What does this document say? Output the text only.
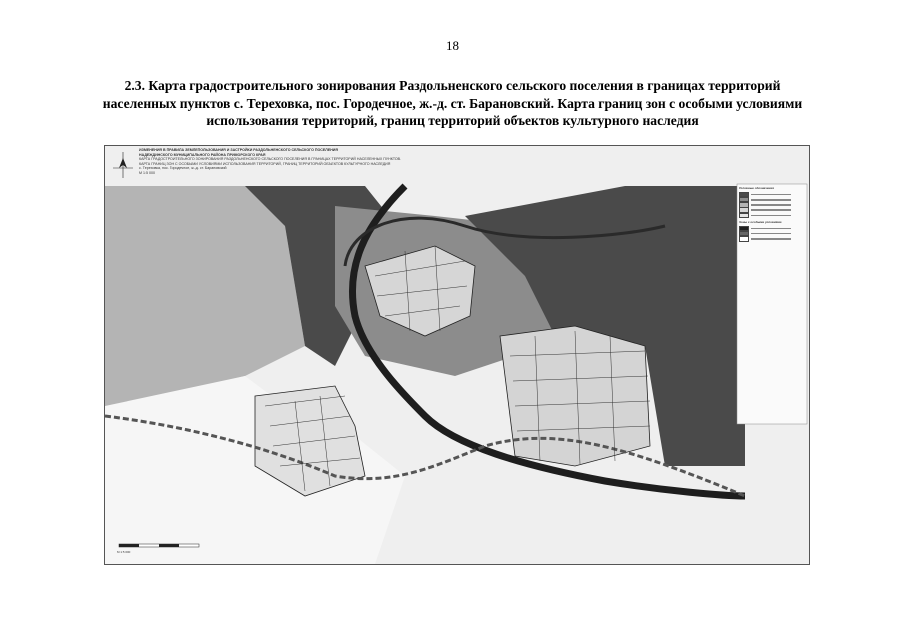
18
2.3. Карта градостроительного зонирования Раздольненского сельского поселения в границах территорий
населенных пунктов с. Тереховка, пос. Городечное, ж.-д. ст. Барановский. Карта границ зон с особыми условиями
использования территорий, границ территорий объектов культурного наследия
ИЗМЕНЕНИЯ В ПРАВИЛА ЗЕМЛЕПОЛЬЗОВАНИЯ И ЗАСТРОЙКИ РАЗДОЛЬНЕНСКОГО СЕЛЬСКОГО ПОСЕЛЕНИЯ
НАДЕЖДИНСКОГО МУНИЦИПАЛЬНОГО РАЙОНА ПРИМОРСКОГО КРАЯ
КАРТА ГРАДОСТРОИТЕЛЬНОГО ЗОНИРОВАНИЯ РАЗДОЛЬНЕНСКОГО СЕЛЬСКОГО ПОСЕЛЕНИЯ В ГРАНИЦАХ ТЕРРИТОРИЙ НАСЕЛЕННЫХ ПУНКТОВ.
КАРТА ГРАНИЦ ЗОН С ОСОБЫМИ УСЛОВИЯМИ ИСПОЛЬЗОВАНИЯ ТЕРРИТОРИЙ, ГРАНИЦ ТЕРРИТОРИЙ ОБЪЕКТОВ КУЛЬТУРНОГО НАСЛЕДИЯ
с. Тереховка, пос. Городечное, ж.-д. ст. Барановский
М 1:5 000
Условные обозначения
Зоны с особыми условиями
М 1:5 000
